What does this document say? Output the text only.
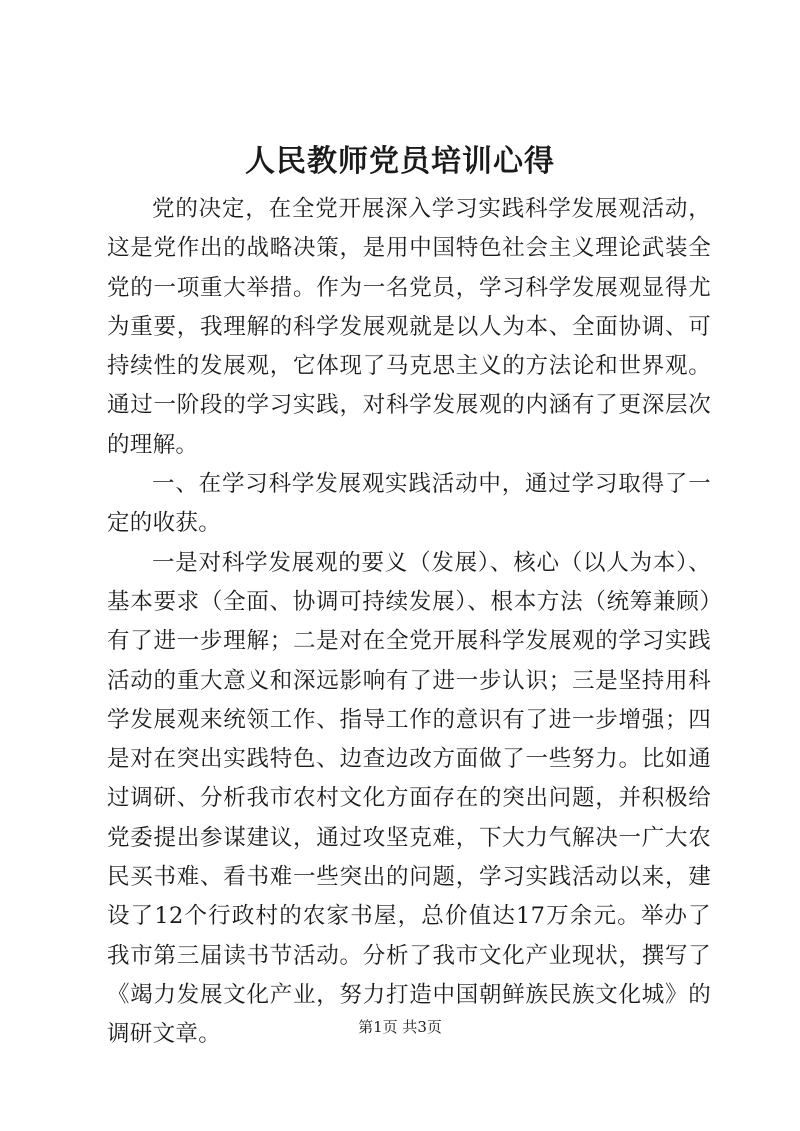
人民教师党员培训心得

党的决定，在全党开展深入学习实践科学发展观活动，这是党作出的战略决策，是用中国特色社会主义理论武装全党的一项重大举措。作为一名党员，学习科学发展观显得尤为重要，我理解的科学发展观就是以人为本、全面协调、可持续性的发展观，它体现了马克思主义的方法论和世界观。通过一阶段的学习实践，对科学发展观的内涵有了更深层次的理解。

一、在学习科学发展观实践活动中，通过学习取得了一定的收获。

一是对科学发展观的要义（发展）、核心（以人为本）、基本要求（全面、协调可持续发展）、根本方法（统筹兼顾）有了进一步理解；二是对在全党开展科学发展观的学习实践活动的重大意义和深远影响有了进一步认识；三是坚持用科学发展观来统领工作、指导工作的意识有了进一步增强；四是对在突出实践特色、边查边改方面做了一些努力。比如通过调研、分析我市农村文化方面存在的突出问题，并积极给党委提出参谋建议，通过攻坚克难，下大力气解决一广大农民买书难、看书难一些突出的问题，学习实践活动以来，建设了12个行政村的农家书屋，总价值达17万余元。举办了我市第三届读书节活动。分析了我市文化产业现状，撰写了《竭力发展文化产业，努力打造中国朝鲜族民族文化城》的调研文章。	第1页 共3页
